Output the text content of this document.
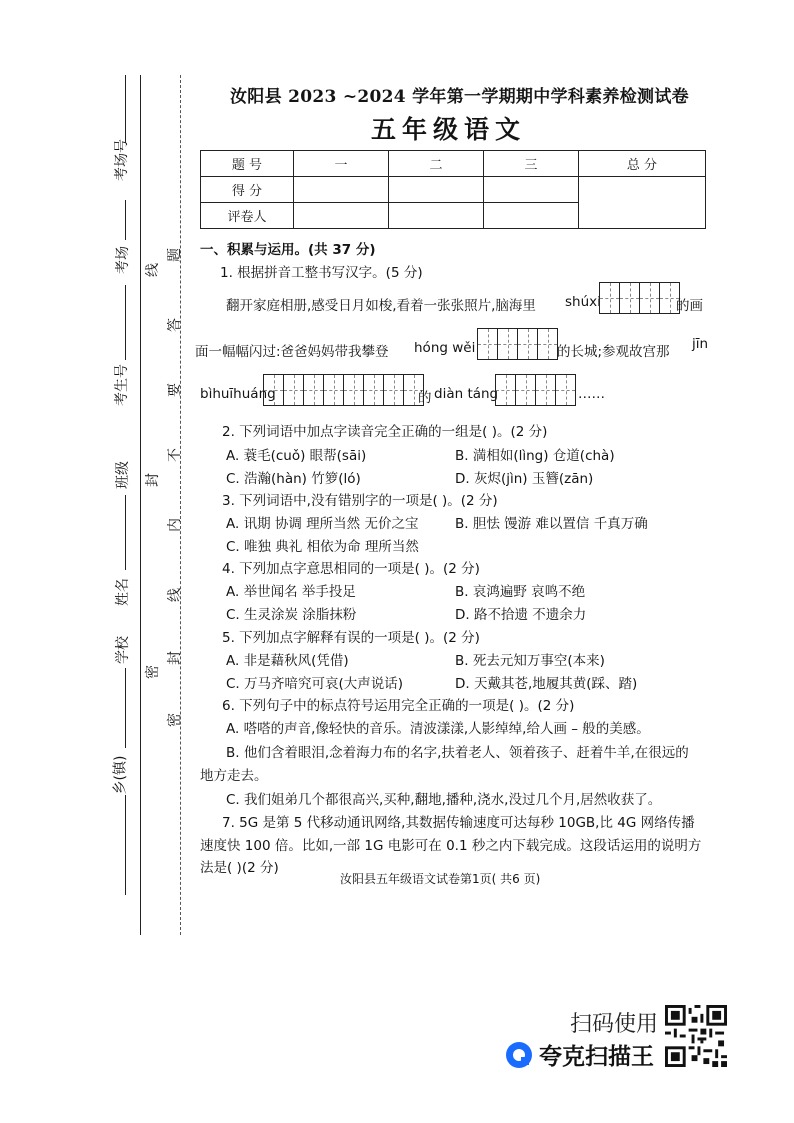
考场号
考场
考生号
班级
姓名
学校
乡(镇)
题
答
要
不
内
线
封
密
线
封
密
汝阳县 2023 ~2024 学年第一学期期中学科素养检测试卷
五年级语文
题 号	一	二	三	总 分
得 分				
评卷人				
一、积累与运用。(共 37 分)
1. 根据拼音工整书写汉字。(5 分)
翻开家庭相册,感受日月如梭,看着一张张照片,脑海里 shúxi	的画
面一幅幅闪过:爸爸妈妈带我攀登 hóng wěi	的长城;参观故宫那 jīn
bìhuīhuáng	的 diàn táng	……
2. 下列词语中加点字读音完全正确的一组是( )。(2 分)
A. 蓑毛(cuǒ) 眼帮(sāi)	B. 満相如(lìng) 仓道(chà)
C. 浩瀚(hàn) 竹箩(ló)	D. 灰烬(jìn) 玉簪(zān)
3. 下列词语中,没有错别字的一项是( )。(2 分)
A. 讯期 协调 理所当然 无价之宝	B. 胆怯 馒游 难以置信 千真万确
C. 唯独 典礼 相依为命 理所当然
4. 下列加点字意思相同的一项是( )。(2 分)
A. 举世闻名 举手投足	B. 哀鸿遍野 哀鸣不绝
C. 生灵涂炭 涂脂抹粉	D. 路不拾遗 不遗余力
5. 下列加点字解释有误的一项是( )。(2 分)
A. 非是藉秋风(凭借)	B. 死去元知万事空(本来)
C. 万马齐喑究可哀(大声说话)	D. 天戴其苍,地履其黄(踩、踏)
6. 下列句子中的标点符号运用完全正确的一项是( )。(2 分)
A. 嗒嗒的声音,像轻快的音乐。清波漾漾,人影绰绰,给人画 – 般的美感。
B. 他们含着眼泪,念着海力布的名字,扶着老人、领着孩子、赶着牛羊,在很远的
地方走去。
C. 我们姐弟几个都很高兴,买种,翻地,播种,浇水,没过几个月,居然收获了。
7. 5G 是第 5 代移动通讯网络,其数据传输速度可达每秒 10GB,比 4G 网络传播
速度快 100 倍。比如,一部 1G 电影可在 0.1 秒之内下载完成。这段话运用的说明方
法是( )(2 分)
汝阳县五年级语文试卷第1页( 共6 页)
扫码使用
夸克扫描王
